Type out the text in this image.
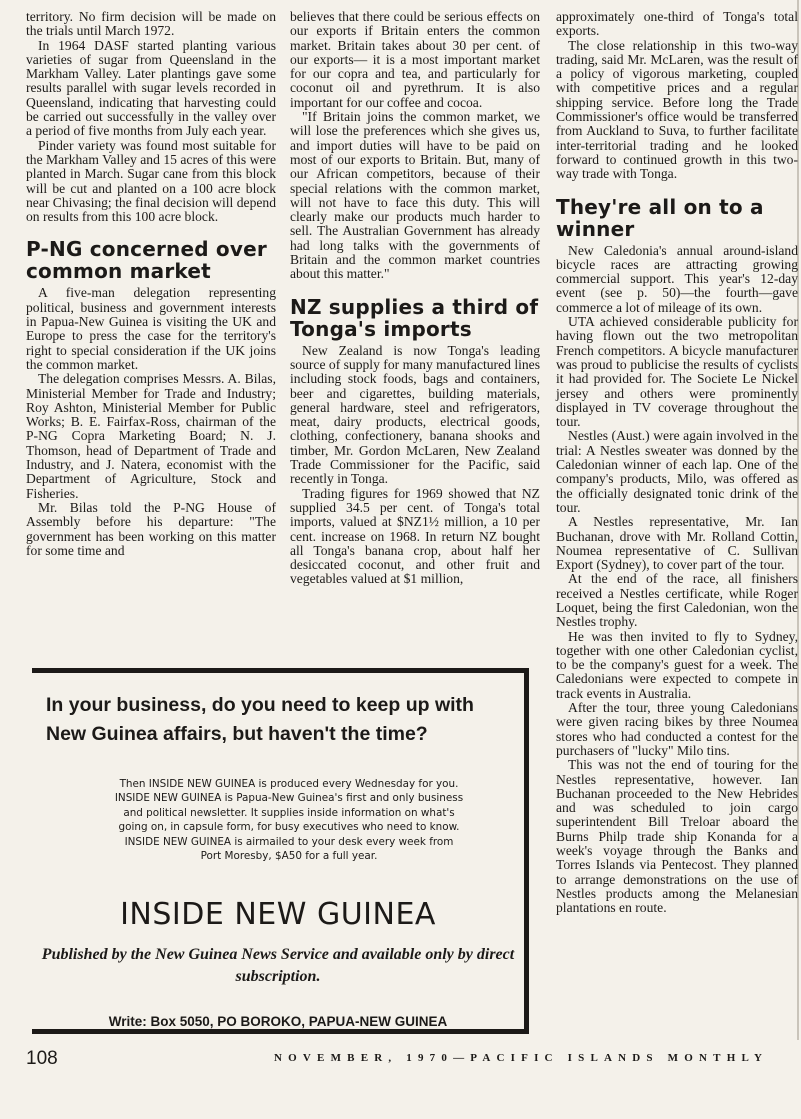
territory. No firm decision will be made on the trials until March 1972.

In 1964 DASF started planting various varieties of sugar from Queensland in the Markham Valley. Later plantings gave some results parallel with sugar levels recorded in Queensland, indicating that harvesting could be carried out successfully in the valley over a period of five months from July each year.

Pinder variety was found most suitable for the Markham Valley and 15 acres of this were planted in March. Sugar cane from this block will be cut and planted on a 100 acre block near Chivasing; the final decision will depend on results from this 100 acre block.

P-NG concerned over common market

A five-man delegation representing political, business and government interests in Papua-New Guinea is visiting the UK and Europe to press the case for the territory's right to special consideration if the UK joins the common market.

The delegation comprises Messrs. A. Bilas, Ministerial Member for Trade and Industry; Roy Ashton, Ministerial Member for Public Works; B. E. Fairfax-Ross, chairman of the P-NG Copra Marketing Board; N. J. Thomson, head of Department of Trade and Industry, and J. Natera, economist with the Department of Agriculture, Stock and Fisheries.

Mr. Bilas told the P-NG House of Assembly before his departure: "The government has been working on this matter for some time and

believes that there could be serious effects on our exports if Britain enters the common market. Britain takes about 30 per cent. of our exports— it is a most important market for our copra and tea, and particularly for coconut oil and pyrethrum. It is also important for our coffee and cocoa.

"If Britain joins the common market, we will lose the preferences which she gives us, and import duties will have to be paid on most of our exports to Britain. But, many of our African competitors, because of their special relations with the common market, will not have to face this duty. This will clearly make our products much harder to sell. The Australian Government has already had long talks with the governments of Britain and the common market countries about this matter."

NZ supplies a third of Tonga's imports

New Zealand is now Tonga's leading source of supply for many manufactured lines including stock foods, bags and containers, beer and cigarettes, building materials, general hardware, steel and refrigerators, meat, dairy products, electrical goods, clothing, confectionery, banana shooks and timber, Mr. Gordon McLaren, New Zealand Trade Commissioner for the Pacific, said recently in Tonga.

Trading figures for 1969 showed that NZ supplied 34.5 per cent. of Tonga's total imports, valued at $NZ1½ million, a 10 per cent. increase on 1968. In return NZ bought all Tonga's banana crop, about half her desiccated coconut, and other fruit and vegetables valued at $1 million,

approximately one-third of Tonga's total exports.

The close relationship in this two-way trading, said Mr. McLaren, was the result of a policy of vigorous marketing, coupled with competitive prices and a regular shipping service. Before long the Trade Commissioner's office would be transferred from Auckland to Suva, to further facilitate inter-territorial trading and he looked forward to continued growth in this two-way trade with Tonga.

They're all on to a winner

New Caledonia's annual around-island bicycle races are attracting growing commercial support. This year's 12-day event (see p. 50)—the fourth—gave commerce a lot of mileage of its own.

UTA achieved considerable publicity for having flown out the two metropolitan French competitors. A bicycle manufacturer was proud to publicise the results of cyclists it had provided for. The Societe Le Nickel jersey and others were prominently displayed in TV coverage throughout the tour.

Nestles (Aust.) were again involved in the trial: A Nestles sweater was donned by the Caledonian winner of each lap. One of the company's products, Milo, was offered as the officially designated tonic drink of the tour.

A Nestles representative, Mr. Ian Buchanan, drove with Mr. Rolland Cottin, Noumea representative of C. Sullivan Export (Sydney), to cover part of the tour.

At the end of the race, all finishers received a Nestles certificate, while Roger Loquet, being the first Caledonian, won the Nestles trophy.

He was then invited to fly to Sydney, together with one other Caledonian cyclist, to be the company's guest for a week. The Caledonians were expected to compete in track events in Australia.

After the tour, three young Caledonians were given racing bikes by three Noumea stores who had conducted a contest for the purchasers of "lucky" Milo tins.

This was not the end of touring for the Nestles representative, however. Ian Buchanan proceeded to the New Hebrides and was scheduled to join cargo superintendent Bill Treloar aboard the Burns Philp trade ship Konanda for a week's voyage through the Banks and Torres Islands via Pentecost. They planned to arrange demonstrations on the use of Nestles products among the Melanesian plantations en route.

In your business, do you need to keep up with New Guinea affairs, but haven't the time?
Then INSIDE NEW GUINEA is produced every Wednesday for you. INSIDE NEW GUINEA is Papua-New Guinea's first and only business and political newsletter. It supplies inside information on what's going on, in capsule form, for busy executives who need to know. INSIDE NEW GUINEA is airmailed to your desk every week from Port Moresby, $A50 for a full year.
INSIDE NEW GUINEA
Published by the New Guinea News Service and available only by direct subscription.
Write: Box 5050, PO BOROKO, PAPUA-NEW GUINEA
108	NOVEMBER, 1970—PACIFIC ISLANDS MONTHLY
